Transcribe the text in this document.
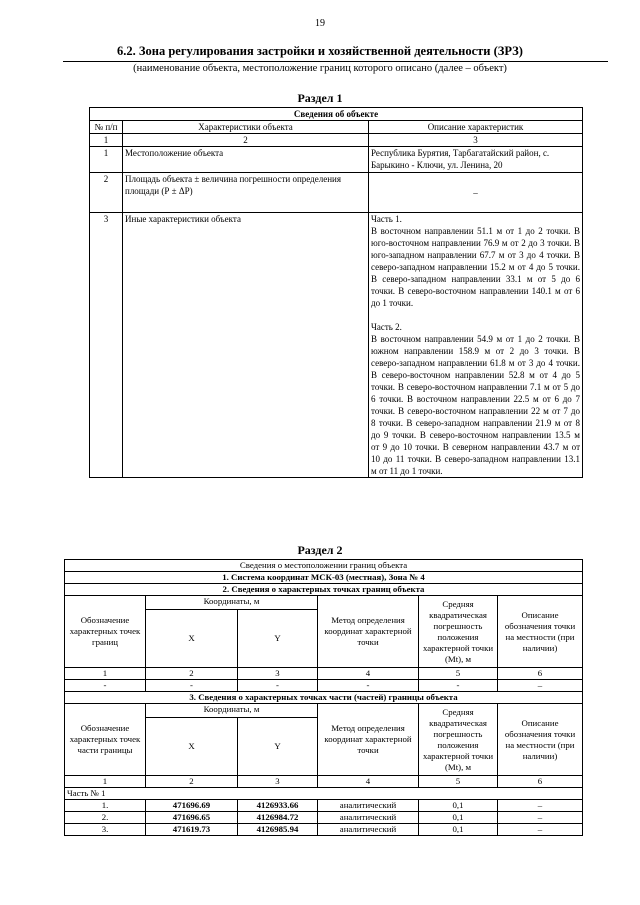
19
6.2. Зона регулирования застройки и хозяйственной деятельности (ЗРЗ)
(наименование объекта, местоположение границ которого описано (далее – объект)
Раздел 1
Сведения об объекте		
№ п/п	Характеристики объекта	Описание характеристик
1	2	3
1	Местоположение объекта	Республика Бурятия, Тарбагатайский район, с. Барыкино - Ключи, ул. Ленина, 20
2	Площадь объекта ± величина погрешности определения площади (Р ± ΔР)	–
3	Иные характеристики объекта	Часть 1.
В восточном направлении 51.1 м от 1 до 2 точки. В юго-восточном направлении 76.9 м от 2 до 3 точки. В юго-западном направлении 67.7 м от 3 до 4 точки. В северо-западном направлении 15.2 м от 4 до 5 точки. В северо-западном направлении 33.1 м от 5 до 6 точки. В северо-восточном направлении 140.1 м от 6 до 1 точки.
Часть 2.
В восточном направлении 54.9 м от 1 до 2 точки. В южном направлении 158.9 м от 2 до 3 точки. В северо-западном направлении 61.8 м от 3 до 4 точки. В северо-восточном направлении 52.8 м от 4 до 5 точки. В северо-восточном направлении 7.1 м от 5 до 6 точки. В восточном направлении 22.5 м от 6 до 7 точки. В северо-восточном направлении 22 м от 7 до 8 точки. В северо-западном направлении 21.9 м от 8 до 9 точки. В северо-восточном направлении 13.5 м от 9 до 10 точки. В северном направлении 43.7 м от 10 до 11 точки. В северо-западном направлении 13.1 м от 11 до 1 точки.
Раздел 2
Сведения о местоположении границ объекта					
1. Система координат МСК-03 (местная), Зона № 4					
2. Сведения о характерных точках границ объекта					
Обозначение характерных точек границ	Координаты, м		Метод определения координат характерной точки	Средняя квадратическая погрешность положения характерной точки (Мt), м	Описание обозначения точки на местности (при наличии)
	X	Y			
1	2	3	4	5	6
-	-	-	-	-	–
3. Сведения о характерных точках части (частей) границы объекта					
Обозначение характерных точек части границы	Координаты, м		Метод определения координат характерной точки	Средняя квадратическая погрешность положения характерной точки (Мt), м	Описание обозначения точки на местности (при наличии)
	X	Y			
1	2	3	4	5	6
Часть № 1					
1.	471696.69	4126933.66	аналитический	0,1	–
2.	471696.65	4126984.72	аналитический	0,1	–
3.	471619.73	4126985.94	аналитический	0,1	–
